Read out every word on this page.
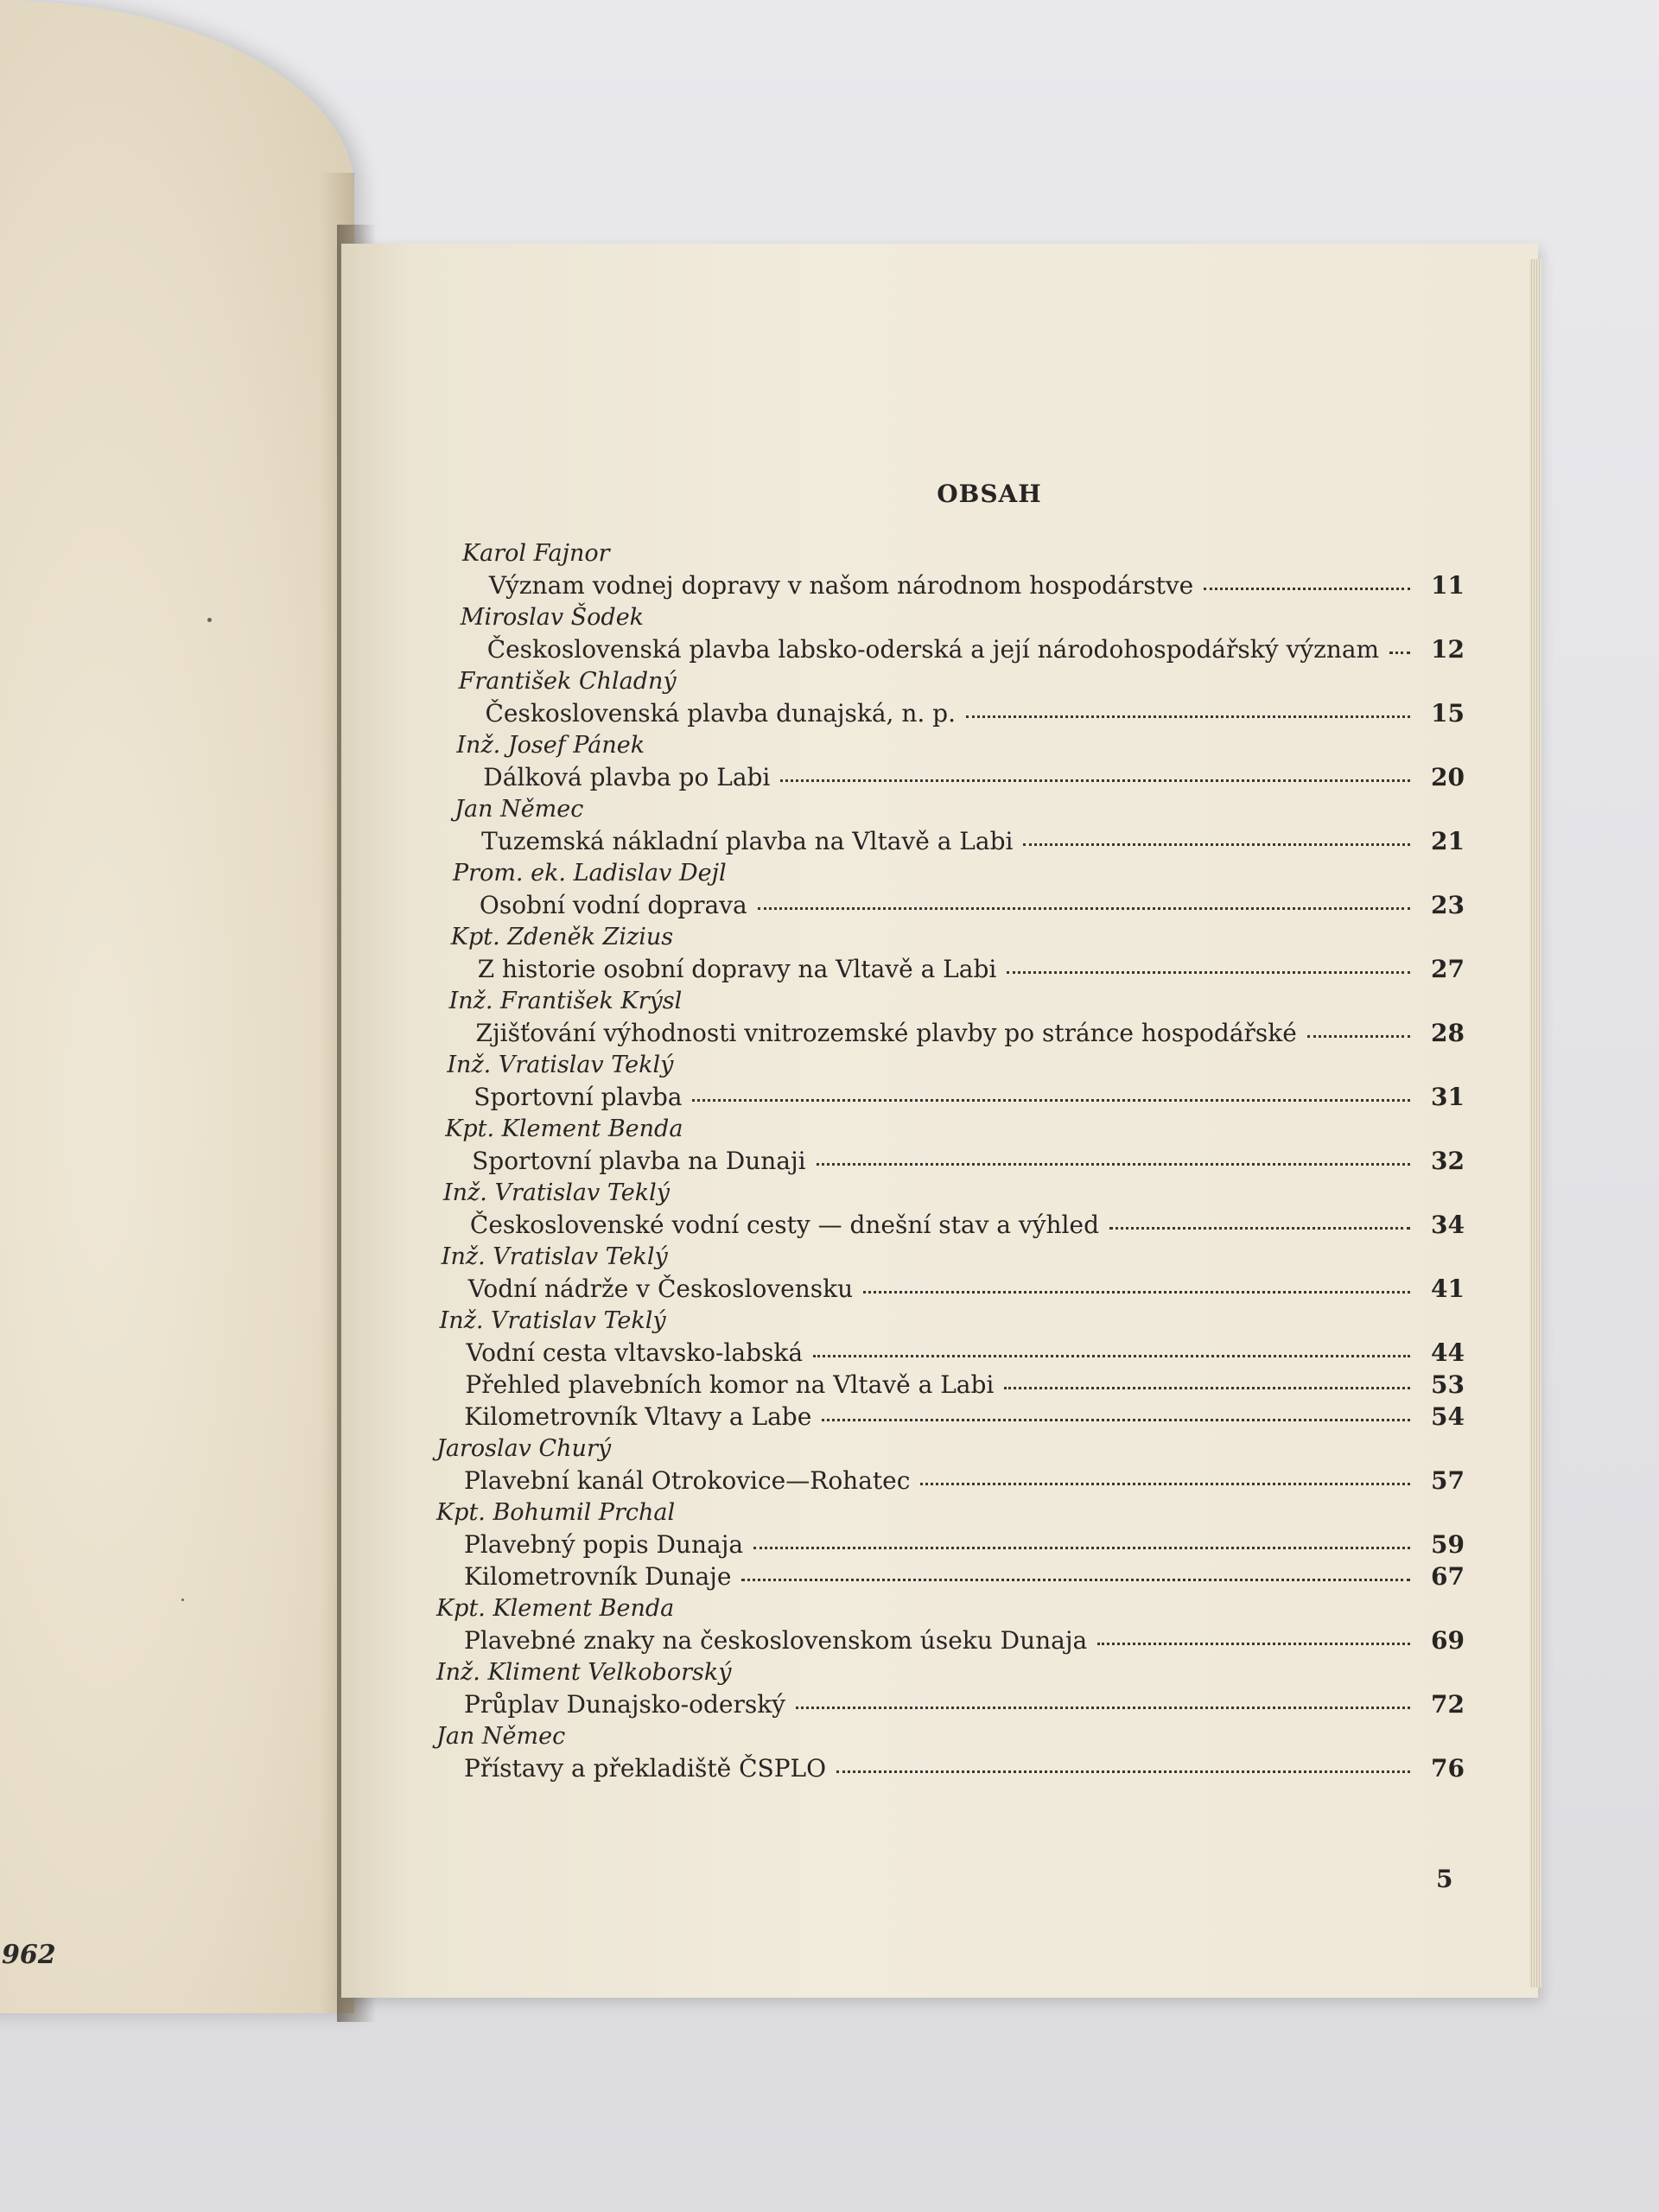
962

OBSAH
Karol Fajnor
Význam vodnej dopravy v našom národnom hospodárstve	11
Miroslav Šodek
Československá plavba labsko-oderská a její národohospodářský význam	12
František Chladný
Československá plavba dunajská, n. p.	15
Inž. Josef Pánek
Dálková plavba po Labi	20
Jan Němec
Tuzemská nákladní plavba na Vltavě a Labi	21
Prom. ek. Ladislav Dejl
Osobní vodní doprava	23
Kpt. Zdeněk Zizius
Z historie osobní dopravy na Vltavě a Labi	27
Inž. František Krýsl
Zjišťování výhodnosti vnitrozemské plavby po stránce hospodářské	28
Inž. Vratislav Teklý
Sportovní plavba	31
Kpt. Klement Benda
Sportovní plavba na Dunaji	32
Inž. Vratislav Teklý
Československé vodní cesty — dnešní stav a výhled	34
Inž. Vratislav Teklý
Vodní nádrže v Československu	41
Inž. Vratislav Teklý
Vodní cesta vltavsko-labská	44
Přehled plavebních komor na Vltavě a Labi	53
Kilometrovník Vltavy a Labe	54
Jaroslav Churý
Plavební kanál Otrokovice—Rohatec	57
Kpt. Bohumil Prchal
Plavebný popis Dunaja	59
Kilometrovník Dunaje	67
Kpt. Klement Benda
Plavebné znaky na československom úseku Dunaja	69
Inž. Kliment Velkoborský
Průplav Dunajsko-oderský	72
Jan Němec
Přístavy a překladiště ČSPLO	76

5
